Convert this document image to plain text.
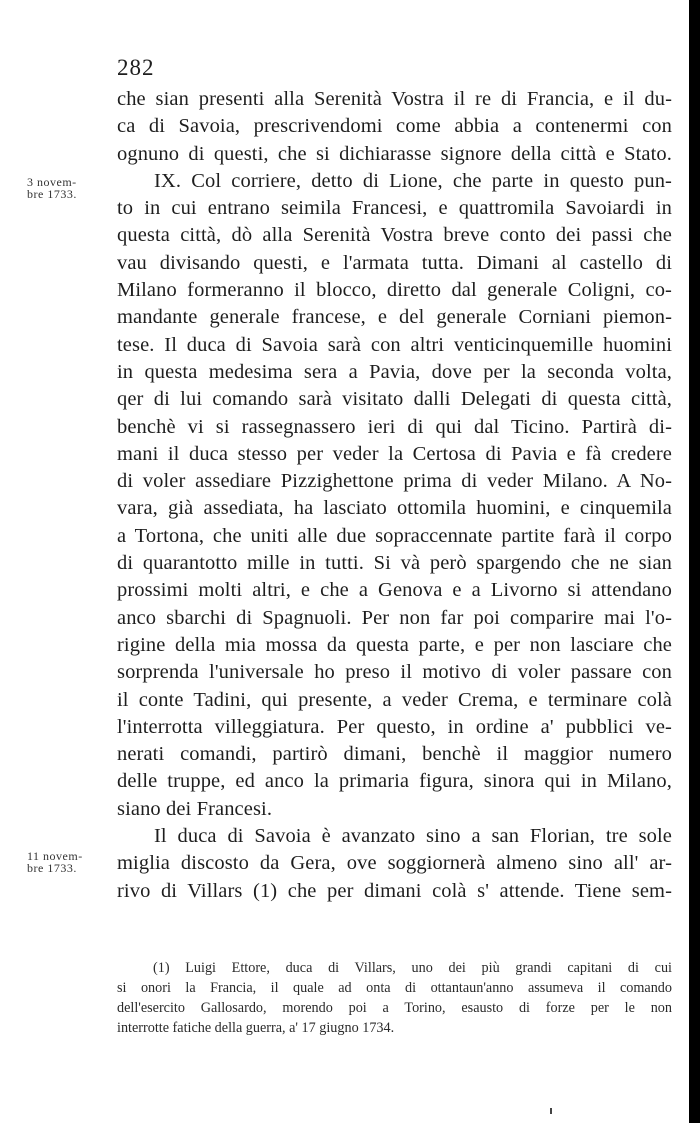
282
3 novem-
bre 1733.
11 novem-
bre 1733.
che sian presenti alla Serenità Vostra il re di Francia, e il du-
ca di Savoia, prescrivendomi come abbia a contenermi con
ognuno di questi, che si dichiarasse signore della città e Stato.
IX. Col corriere, detto di Lione, che parte in questo pun-
to in cui entrano seimila Francesi, e quattromila Savoiardi in
questa città, dò alla Serenità Vostra breve conto dei passi che
vau divisando questi, e l'armata tutta. Dimani al castello di
Milano formeranno il blocco, diretto dal generale Coligni, co-
mandante generale francese, e del generale Corniani piemon-
tese. Il duca di Savoia sarà con altri venticinquemille huomini
in questa medesima sera a Pavia, dove per la seconda volta,
qer di lui comando sarà visitato dalli Delegati di questa città,
benchè vi si rassegnassero ieri di qui dal Ticino. Partirà di-
mani il duca stesso per veder la Certosa di Pavia e fà credere
di voler assediare Pizzighettone prima di veder Milano. A No-
vara, già assediata, ha lasciato ottomila huomini, e cinquemila
a Tortona, che uniti alle due sopraccennate partite farà il corpo
di quarantotto mille in tutti. Si và però spargendo che ne sian
prossimi molti altri, e che a Genova e a Livorno si attendano
anco sbarchi di Spagnuoli. Per non far poi comparire mai l'o-
rigine della mia mossa da questa parte, e per non lasciare che
sorprenda l'universale ho preso il motivo di voler passare con
il conte Tadini, qui presente, a veder Crema, e terminare colà
l'interrotta villeggiatura. Per questo, in ordine a' pubblici ve-
nerati comandi, partirò dimani, benchè il maggior numero
delle truppe, ed anco la primaria figura, sinora qui in Milano,
siano dei Francesi.
Il duca di Savoia è avanzato sino a san Florian, tre sole
miglia discosto da Gera, ove soggiornerà almeno sino all' ar-
rivo di Villars (1) che per dimani colà s' attende. Tiene sem-
(1) Luigi Ettore, duca di Villars, uno dei più grandi capitani di cui
si onori la Francia, il quale ad onta di ottantaun'anno assumeva il comando
dell'esercito Gallosardo, morendo poi a Torino, esausto di forze per le non
interrotte fatiche della guerra, a' 17 giugno 1734.
